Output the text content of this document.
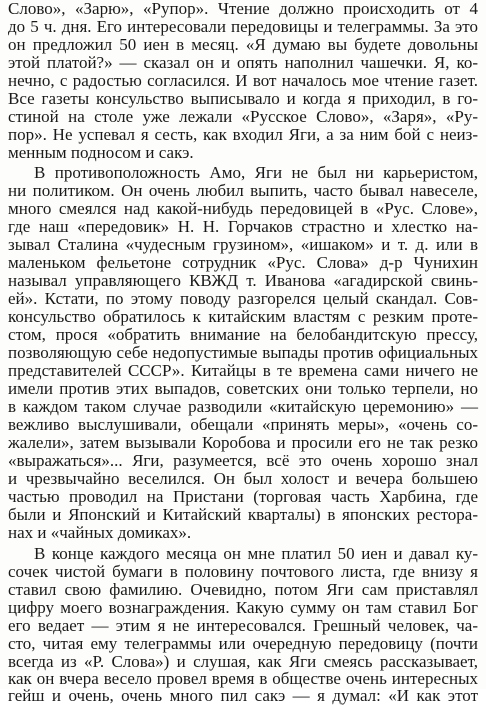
Слово», «Зарю», «Рупор». Чтение должно происходить от 4
до 5 ч. дня. Его интересовали передовицы и телеграммы. За это
он предложил 50 иен в месяц. «Я думаю вы будете довольны
этой платой?» — сказал он и опять наполнил чашечки. Я, ко-
нечно, с радостью согласился. И вот началось мое чтение газет.
Все газеты консульство выписывало и когда я приходил, в го-
стиной на столе уже лежали «Русское Слово», «Заря», «Ру-
пор». Не успевал я сесть, как входил Яги, а за ним бой с неиз-
менным подносом и сакэ.
В противоположность Амо, Яги не был ни карьеристом,
ни политиком. Он очень любил выпить, часто бывал навеселе,
много смеялся над какой-нибудь передовицей в «Рус. Слове»,
где наш «передовик» Н. Н. Горчаков страстно и хлестко на-
зывал Сталина «чудесным грузином», «ишаком» и т. д. или в
маленьком фельетоне сотрудник «Рус. Слова» д-р Чунихин
называл управляющего КВЖД т. Иванова «агадирской свинь-
ей». Кстати, по этому поводу разгорелся целый скандал. Сов-
консульство обратилось к китайским властям с резким проте-
стом, прося «обратить внимание на белобандитскую прессу,
позволяющую себе недопустимые выпады против официальных
представителей СССР». Китайцы в те времена сами ничего не
имели против этих выпадов, советских они только терпели, но
в каждом таком случае разводили «китайскую церемонию» —
вежливо выслушивали, обещали «принять меры», «очень со-
жалели», затем вызывали Коробова и просили его не так резко
«выражаться»... Яги, разумеется, всё это очень хорошо знал
и чрезвычайно веселился. Он был холост и вечера большею
частью проводил на Пристани (торговая часть Харбина, где
были и Японский и Китайский кварталы) в японских рестора-
нах и «чайных домиках».
В конце каждого месяца он мне платил 50 иен и давал ку-
сочек чистой бумаги в половину почтового листа, где внизу я
ставил свою фамилию. Очевидно, потом Яги сам приставлял
цифру моего вознаграждения. Какую сумму он там ставил Бог
его ведает — этим я не интересовался. Грешный человек, ча-
сто, читая ему телеграммы или очередную передовицу (почти
всегда из «Р. Слова») и слушая, как Яги смеясь рассказывает,
как он вчера весело провел время в обществе очень интересных
гейш и очень, очень много пил сакэ — я думал: «И как этот
